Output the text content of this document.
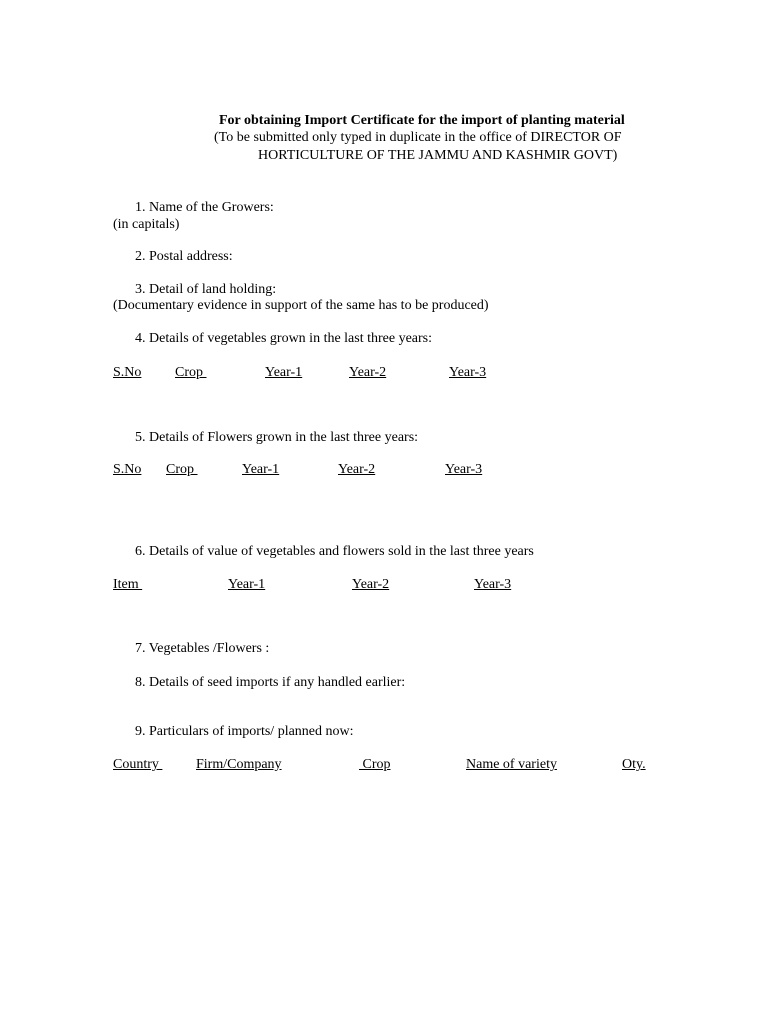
For obtaining Import Certificate for the import of planting material
(To be submitted only typed in duplicate in the office of DIRECTOR OF
HORTICULTURE OF THE JAMMU AND KASHMIR GOVT)
1. Name of the Growers:
(in capitals)
2. Postal address:
3. Detail of land holding:
(Documentary evidence in support of the same has to be produced)
4. Details of vegetables grown in the last three years:
S.No Crop	Year-1	Year-2	Year-3
5. Details of Flowers grown in the last three years:
S.No Crop	Year-1	Year-2	Year-3
6. Details of value of vegetables and flowers sold in the last three years
Item	Year-1	Year-2	Year-3
7. Vegetables /Flowers :
8. Details of seed imports if any handled earlier:
9. Particulars of imports/ planned now:
Country Firm/Company	Crop	Name of variety	Oty.
